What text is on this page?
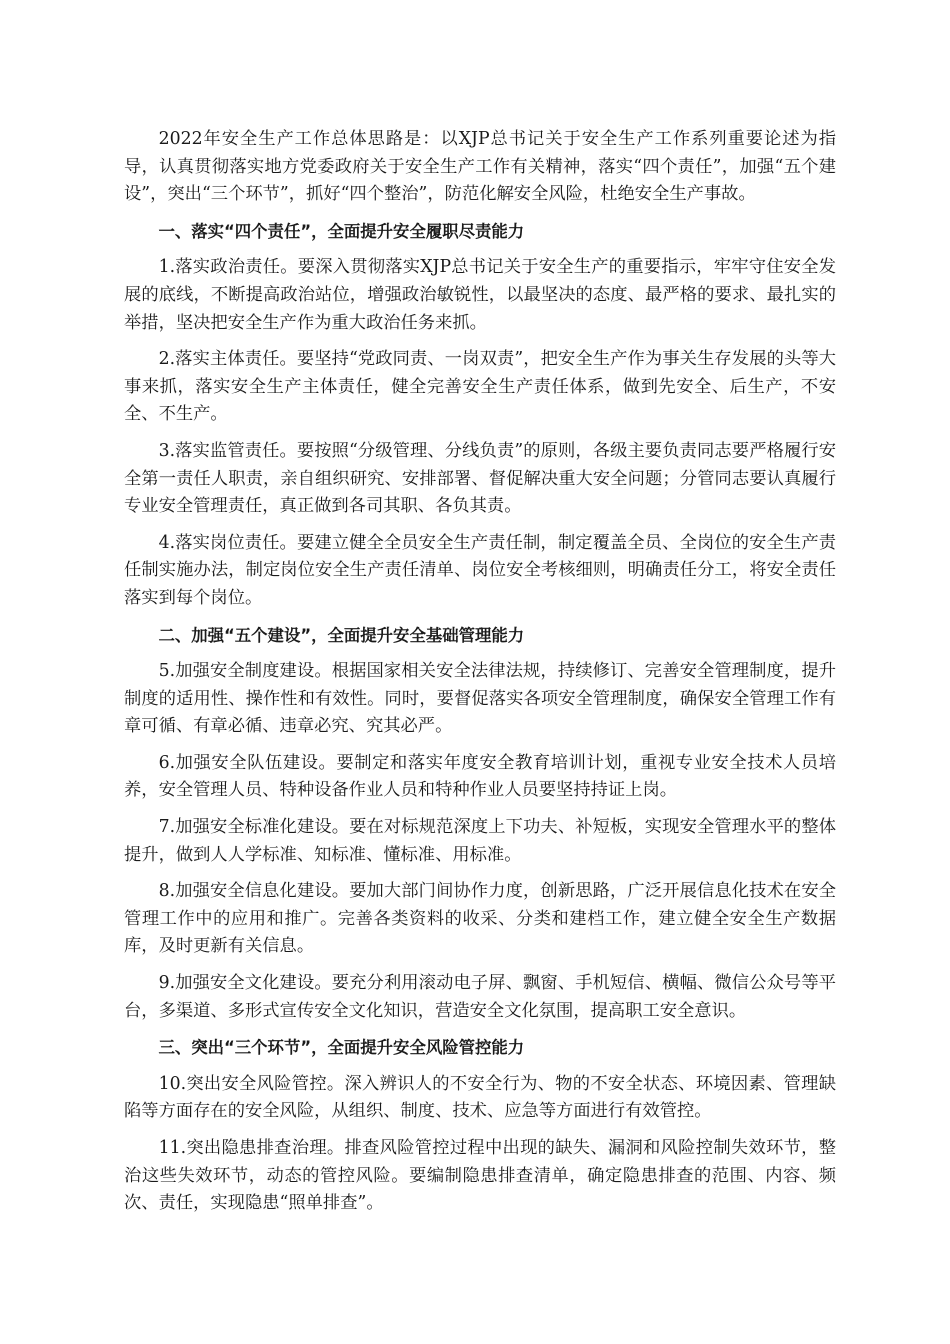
2022年安全生产工作总体思路是：以XJP总书记关于安全生产工作系列重要论述为指导，认真贯彻落实地方党委政府关于安全生产工作有关精神，落实“四个责任”，加强“五个建设”，突出“三个环节”，抓好“四个整治”，防范化解安全风险，杜绝安全生产事故。

一、落实“四个责任”，全面提升安全履职尽责能力

1.落实政治责任。要深入贯彻落实XJP总书记关于安全生产的重要指示，牢牢守住安全发展的底线，不断提高政治站位，增强政治敏锐性，以最坚决的态度、最严格的要求、最扎实的举措，坚决把安全生产作为重大政治任务来抓。

2.落实主体责任。要坚持“党政同责、一岗双责”，把安全生产作为事关生存发展的头等大事来抓，落实安全生产主体责任，健全完善安全生产责任体系，做到先安全、后生产，不安全、不生产。

3.落实监管责任。要按照“分级管理、分线负责”的原则，各级主要负责同志要严格履行安全第一责任人职责，亲自组织研究、安排部署、督促解决重大安全问题；分管同志要认真履行专业安全管理责任，真正做到各司其职、各负其责。

4.落实岗位责任。要建立健全全员安全生产责任制，制定覆盖全员、全岗位的安全生产责任制实施办法，制定岗位安全生产责任清单、岗位安全考核细则，明确责任分工，将安全责任落实到每个岗位。

二、加强“五个建设”，全面提升安全基础管理能力

5.加强安全制度建设。根据国家相关安全法律法规，持续修订、完善安全管理制度，提升制度的适用性、操作性和有效性。同时，要督促落实各项安全管理制度，确保安全管理工作有章可循、有章必循、违章必究、究其必严。

6.加强安全队伍建设。要制定和落实年度安全教育培训计划，重视专业安全技术人员培养，安全管理人员、特种设备作业人员和特种作业人员要坚持持证上岗。

7.加强安全标准化建设。要在对标规范深度上下功夫、补短板，实现安全管理水平的整体提升，做到人人学标准、知标准、懂标准、用标准。

8.加强安全信息化建设。要加大部门间协作力度，创新思路，广泛开展信息化技术在安全管理工作中的应用和推广。完善各类资料的收采、分类和建档工作，建立健全安全生产数据库，及时更新有关信息。

9.加强安全文化建设。要充分利用滚动电子屏、飘窗、手机短信、横幅、微信公众号等平台，多渠道、多形式宣传安全文化知识，营造安全文化氛围，提高职工安全意识。

三、突出“三个环节”，全面提升安全风险管控能力

10.突出安全风险管控。深入辨识人的不安全行为、物的不安全状态、环境因素、管理缺陷等方面存在的安全风险，从组织、制度、技术、应急等方面进行有效管控。

11.突出隐患排查治理。排查风险管控过程中出现的缺失、漏洞和风险控制失效环节，整治这些失效环节，动态的管控风险。要编制隐患排查清单，确定隐患排查的范围、内容、频次、责任，实现隐患“照单排查”。
